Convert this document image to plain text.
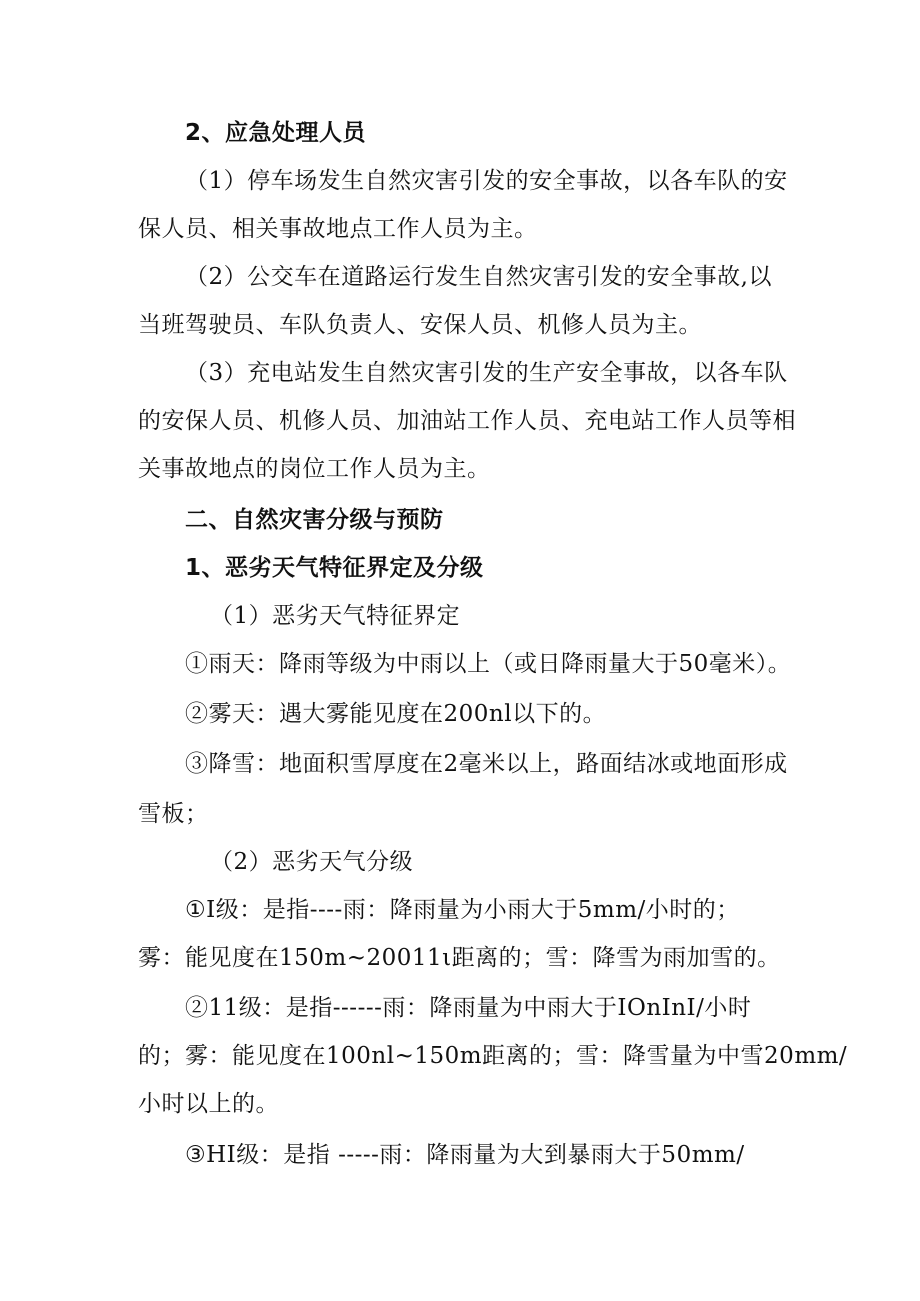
2、应急处理人员
（1）停车场发生自然灾害引发的安全事故，以各车队的安
保人员、相关事故地点工作人员为主。
（2）公交车在道路运行发生自然灾害引发的安全事故,以
当班驾驶员、车队负责人、安保人员、机修人员为主。
（3）充电站发生自然灾害引发的生产安全事故，以各车队
的安保人员、机修人员、加油站工作人员、充电站工作人员等相
关事故地点的岗位工作人员为主。
二、自然灾害分级与预防
1、恶劣天气特征界定及分级
（1）恶劣天气特征界定
①雨天：降雨等级为中雨以上（或日降雨量大于50毫米）。
②雾天：遇大雾能见度在200nl以下的。
③降雪：地面积雪厚度在2毫米以上，路面结冰或地面形成
雪板；
（2）恶劣天气分级
①I级：是指----雨：降雨量为小雨大于5mm/小时的；
雾：能见度在150m~20011ι距离的；雪：降雪为雨加雪的。
②11级：是指------雨：降雨量为中雨大于IOnInI/小时
的；雾：能见度在100nl~150m距离的；雪：降雪量为中雪20mm/
小时以上的。
③HI级：是指 -----雨：降雨量为大到暴雨大于50mm/
